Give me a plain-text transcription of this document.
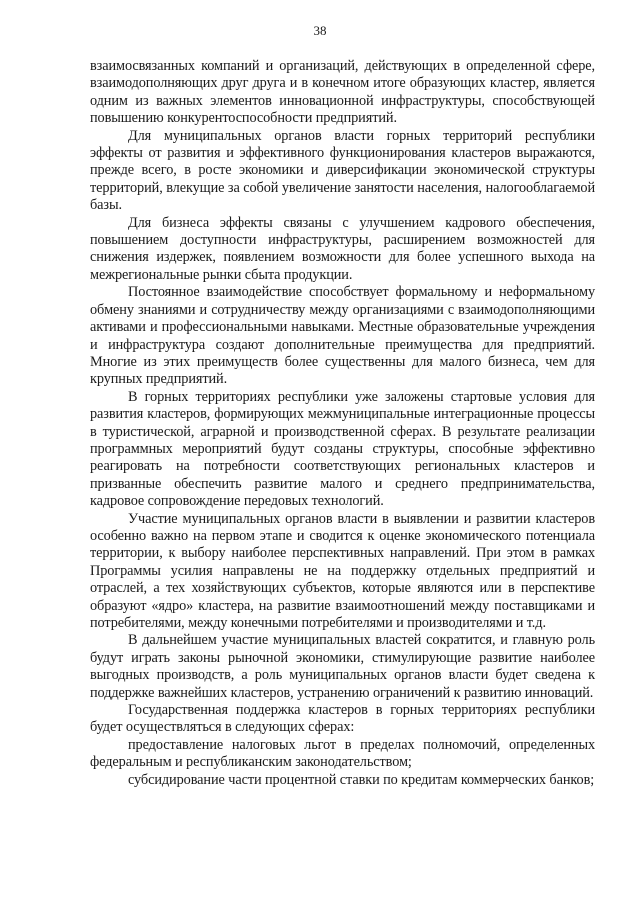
38

взаимосвязанных компаний и организаций, действующих в определенной сфере, взаимодополняющих друг друга и в конечном итоге образующих кластер, является одним из важных элементов инновационной инфраструктуры, способствующей повышению конкурентоспособности предприятий.

Для муниципальных органов власти горных территорий республики эффекты от развития и эффективного функционирования кластеров выражаются, прежде всего, в росте экономики и диверсификации экономической структуры территорий, влекущие за собой увеличение занятости населения, налогооблагаемой базы.

Для бизнеса эффекты связаны с улучшением кадрового обеспечения, повышением доступности инфраструктуры, расширением возможностей для снижения издержек, появлением возможности для более успешного выхода на межрегиональные рынки сбыта продукции.

Постоянное взаимодействие способствует формальному и неформальному обмену знаниями и сотрудничеству между организациями с взаимодополняющими активами и профессиональными навыками. Местные образовательные учреждения и инфраструктура создают дополнительные преимущества для предприятий. Многие из этих преимуществ более существенны для малого бизнеса, чем для крупных предприятий.

В горных территориях республики уже заложены стартовые условия для развития кластеров, формирующих межмуниципальные интеграционные процессы в туристической, аграрной и производственной сферах. В результате реализации программных мероприятий будут созданы структуры, способные эффективно реагировать на потребности соответствующих региональных кластеров и призванные обеспечить развитие малого и среднего предпринимательства, кадровое сопровождение передовых технологий.

Участие муниципальных органов власти в выявлении и развитии кластеров особенно важно на первом этапе и сводится к оценке экономического потенциала территории, к выбору наиболее перспективных направлений. При этом в рамках Программы усилия направлены не на поддержку отдельных предприятий и отраслей, а тех хозяйствующих субъектов, которые являются или в перспективе образуют «ядро» кластера, на развитие взаимоотношений между поставщиками и потребителями, между конечными потребителями и производителями и т.д.

В дальнейшем участие муниципальных властей сократится, и главную роль будут играть законы рыночной экономики, стимулирующие развитие наиболее выгодных производств, а роль муниципальных органов власти будет сведена к поддержке важнейших кластеров, устранению ограничений к развитию инноваций.

Государственная поддержка кластеров в горных территориях республики будет осуществляться в следующих сферах:

предоставление налоговых льгот в пределах полномочий, определенных федеральным и республиканским законодательством;

субсидирование части процентной ставки по кредитам коммерческих банков;
